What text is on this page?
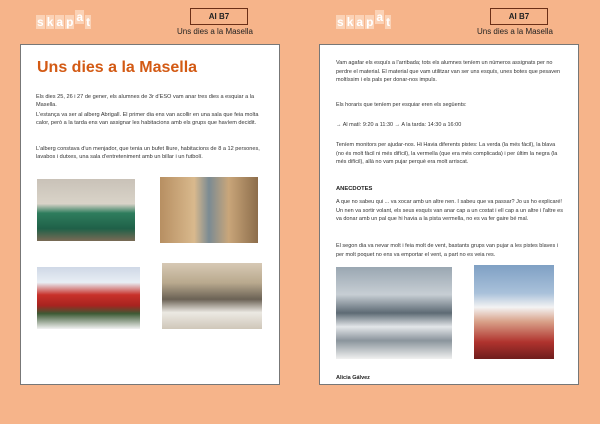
s k a p a t	AI B7
Uns dies a la Masella
Uns dies a la Masella
Els dies 25, 26 i 27 de gener, els alumnes de 3r d'ESO vam anar tres dies a esquiar a la Masella.
L'estança va ser al alberg Abrigall. El primer dia ens van acollir en una sala que feia molta calor, però a la tarda ens van assignar les habitacions amb els grups que havíem decidit.
L'alberg constava d'un menjador, que tenia un bufet lliure, habitacions de 8 a 12 persones, lavabos i dutxes, una sala d'entreteniment amb un billar i un futbolí.
s k a p a t	AI B7
Uns dies a la Masella
Vam agafar els esquís a l'arribada; tots els alumnes teníem un números assignats per no perdre el material. El material que vam utilitzar van ser uns esquís, unes botes que pesaven moltíssim i els pals per donar-nos impuls.
Els horaris que teníem per esquiar eren els següents:
→ Al matí: 9:20 a 11:30 → A la tarda: 14:30 a 16:00
Teníem monitors per ajudar-nos. Hi Havia diferents pistes: La verda (la més fàcil), la blava (no és molt fàcil ni més difícil), la vermella (que era més complicada) i per últim la negra (la més difícil), allà no vam pujar perquè era molt arriscat.
ANECDOTES
A que no sabeu qui ... va xocar amb un altre nen. I sabeu que va passar? Jo us ho explicaré! Un nen va sortir volant, els seus esquís van anar cap a un costat i ell cap a un altre i l'altre es va donar amb un pal que hi havia a la pista vermella, no es va fer gaire bé mal.
El segon dia va nevar molt i feia molt de vent, bastants grups van pujar a les pistes blaves i per molt poquet no ens va emportar el vent, a part no es veia res.
Alicia Gálvez
